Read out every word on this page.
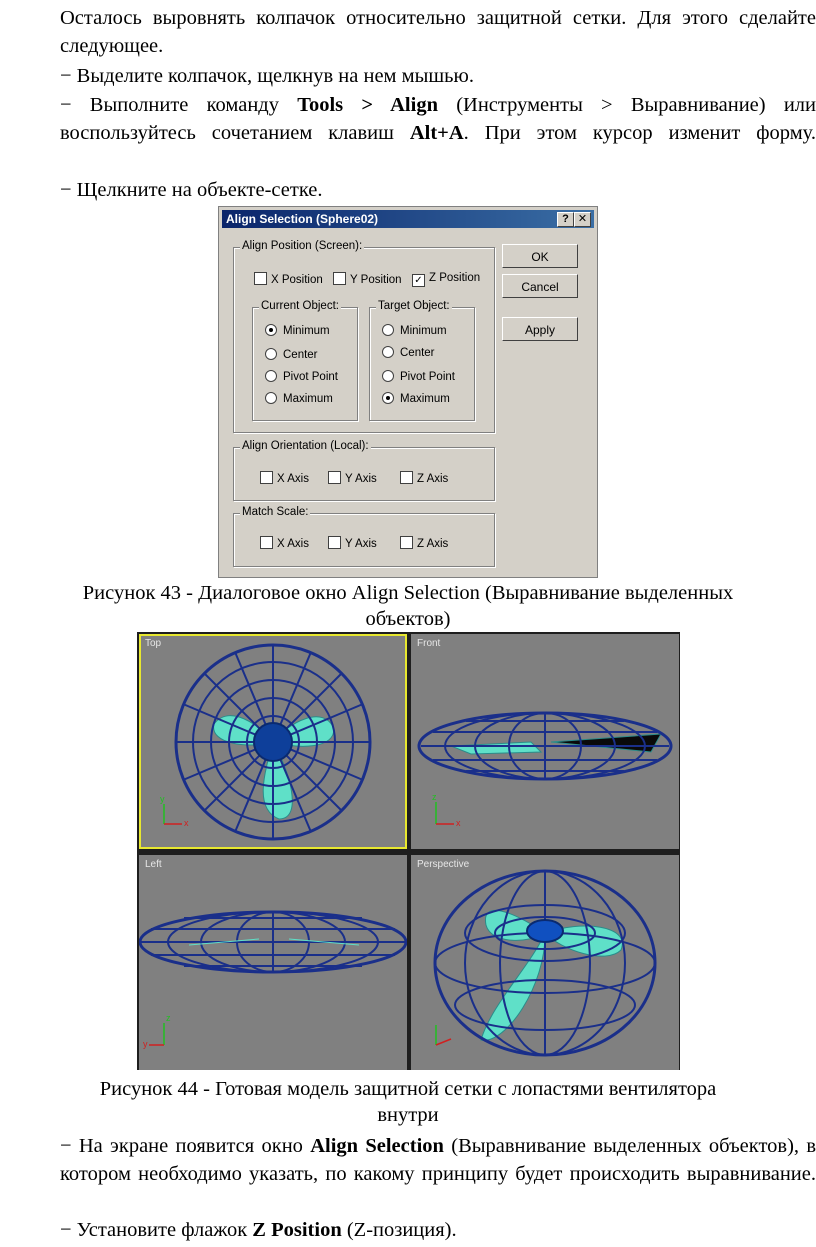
Осталось выровнять колпачок относительно защитной сетки. Для этого сделайте следующее.
− Выделите колпачок, щелкнув на нем мышью.
− Выполните команду Tools > Align (Инструменты > Выравнивание) или воспользуйтесь сочетанием клавиш Alt+A. При этом курсор изменит форму.
− Щелкните на объекте-сетке.
Align Selection (Sphere02)	? ✕
Align Position (Screen):
X Position	Y Position ✓ Z Position
Current Object:
Minimum
Center
Pivot Point
Maximum
Target Object:
Minimum
Center
Pivot Point
Maximum
Align Orientation (Local):
X Axis	Y Axis	Z Axis
Match Scale:
X Axis	Y Axis	Z Axis
OK
Cancel
Apply
Рисунок 43 - Диалоговое окно Align Selection (Выравнивание выделенных
объектов)
Top
x
y
Front
x
z
Left
y
z
Perspective
Рисунок 44 - Готовая модель защитной сетки с лопастями вентилятора
внутри
− На экране появится окно Align Selection (Выравнивание выделенных объектов), в котором необходимо указать, по какому принципу будет происходить выравнивание.
− Установите флажок Z Position (Z-позиция).
